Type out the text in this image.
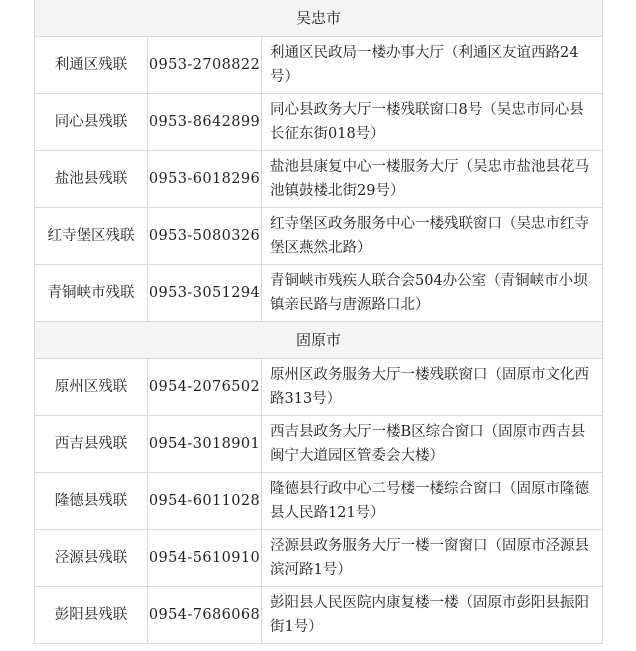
吴忠市		
利通区残联	0953-2708822	利通区民政局一楼办事大厅（利通区友谊西路24号）
同心县残联	0953-8642899	同心县政务大厅一楼残联窗口8号（吴忠市同心县长征东街018号）
盐池县残联	0953-6018296	盐池县康复中心一楼服务大厅（吴忠市盐池县花马池镇鼓楼北街29号）
红寺堡区残联	0953-5080326	红寺堡区政务服务中心一楼残联窗口（吴忠市红寺堡区燕然北路）
青铜峡市残联	0953-3051294	青铜峡市残疾人联合会504办公室（青铜峡市小坝镇亲民路与唐源路口北）
固原市		
原州区残联	0954-2076502	原州区政务服务大厅一楼残联窗口（固原市文化西路313号）
西吉县残联	0954-3018901	西吉县政务大厅一楼B区综合窗口（固原市西吉县闽宁大道园区管委会大楼）
隆德县残联	0954-6011028	隆德县行政中心二号楼一楼综合窗口（固原市隆德县人民路121号）
泾源县残联	0954-5610910	泾源县政务服务大厅一楼一窗窗口（固原市泾源县滨河路1号）
彭阳县残联	0954-7686068	彭阳县人民医院内康复楼一楼（固原市彭阳县振阳街1号）
